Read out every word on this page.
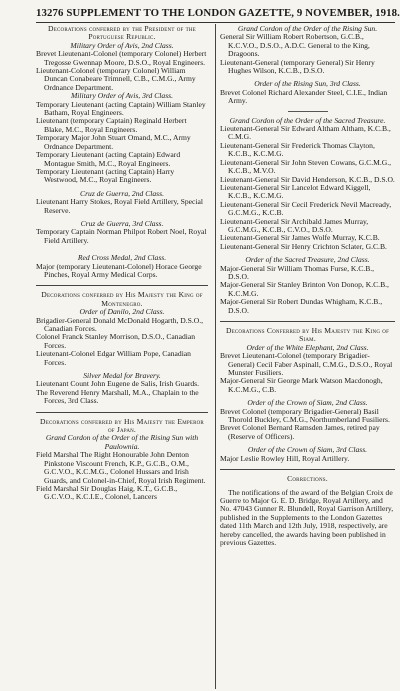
13276 SUPPLEMENT TO THE LONDON GAZETTE, 9 NOVEMBER, 1918.

Decorations conferred by the President of the Portuguese Republic.

Military Order of Avis, 2nd Class.

Brevet Lieutenant-Colonel (temporary Colonel) Herbert Tregosse Gwennap Moore, D.S.O., Royal Engineers.

Lieutenant-Colonel (temporary Colonel) William Duncan Conabeare Trimnell, C.B., C.M.G., Army Ordnance Department.

Military Order of Avis, 3rd Class.

Temporary Lieutenant (acting Captain) William Stanley Batham, Royal Engineers.

Lieutenant (temporary Captain) Reginald Herbert Blake, M.C., Royal Engineers.

Temporary Major John Stuart Omand, M.C., Army Ordnance Department.

Temporary Lieutenant (acting Captain) Edward Montague Smith, M.C., Royal Engineers.

Temporary Lieutenant (acting Captain) Harry Westwood, M.C., Royal Engineers.

Cruz de Guerra, 2nd Class.

Lieutenant Harry Stokes, Royal Field Artillery, Special Reserve.

Cruz de Guerra, 3rd Class.

Temporary Captain Norman Philpot Robert Noel, Royal Field Artillery.

Red Cross Medal, 2nd Class.

Major (temporary Lieutenant-Colonel) Horace George Pinches, Royal Army Medical Corps.

Decorations conferred by His Majesty the King of Montenegro.

Order of Danilo, 2nd Class.

Brigadier-General Donald McDonald Hogarth, D.S.O., Canadian Forces.

Colonel Franck Stanley Morrison, D.S.O., Canadian Forces.

Lieutenant-Colonel Edgar William Pope, Canadian Forces.

Silver Medal for Bravery.

Lieutenant Count John Eugene de Salis, Irish Guards.

The Reverend Henry Marshall, M.A., Chaplain to the Forces, 3rd Class.

Decorations conferred by His Majesty the Emperor of Japan.

Grand Cordon of the Order of the Rising Sun with Paulownia.

Field Marshal The Right Honourable John Denton Pinkstone Viscount French, K.P., G.C.B., O.M., G.C.V.O., K.C.M.G., Colonel Hussars and Irish Guards, and Colonel-in-Chief, Royal Irish Regiment.

Field Marshal Sir Douglas Haig, K.T., G.C.B., G.C.V.O., K.C.I.E., Colonel, Lancers

Grand Cordon of the Order of the Rising Sun.

General Sir William Robert Robertson, G.C.B., K.C.V.O., D.S.O., A.D.C. General to the King, Dragoons.

Lieutenant-General (temporary General) Sir Henry Hughes Wilson, K.C.B., D.S.O.

Order of the Rising Sun, 3rd Class.

Brevet Colonel Richard Alexander Steel, C.I.E., Indian Army.

Grand Cordon of the Order of the Sacred Treasure.

Lieutenant-General Sir Edward Altham Altham, K.C.B., C.M.G.

Lieutenant-General Sir Frederick Thomas Clayton, K.C.B., K.C.M.G.

Lieutenant-General Sir John Steven Cowans, G.C.M.G., K.C.B., M.V.O.

Lieutenant-General Sir David Henderson, K.C.B., D.S.O.

Lieutenant-General Sir Lancelot Edward Kiggell, K.C.B., K.C.M.G.

Lieutenant-General Sir Cecil Frederick Nevil Macready, G.C.M.G., K.C.B.

Lieutenant-General Sir Archibald James Murray, G.C.M.G., K.C.B., C.V.O., D.S.O.

Lieutenant-General Sir James Wolfe Murray, K.C.B.

Lieutenant-General Sir Henry Crichton Sclater, G.C.B.

Order of the Sacred Treasure, 2nd Class.

Major-General Sir William Thomas Furse, K.C.B., D.S.O.

Major-General Sir Stanley Brinton Von Donop, K.C.B., K.C.M.G.

Major-General Sir Robert Dundas Whigham, K.C.B., D.S.O.

Decorations Conferred by His Majesty the King of Siam.

Order of the White Elephant, 2nd Class.

Brevet Lieutenant-Colonel (temporary Brigadier-General) Cecil Faber Aspinall, C.M.G., D.S.O., Royal Munster Fusiliers.

Major-General Sir George Mark Watson Macdonogh, K.C.M.G., C.B.

Order of the Crown of Siam, 2nd Class.

Brevet Colonel (temporary Brigadier-General) Basil Thorold Buckley, C.M.G., Northumberland Fusiliers.

Brevet Colonel Bernard Ramsden James, retired pay (Reserve of Officers).

Order of the Crown of Siam, 3rd Class.

Major Leslie Rowley Hill, Royal Artillery.

Corrections.

The notifications of the award of the Belgian Croix de Guerre to Major G. E. D. Bridge, Royal Artillery, and No. 47043 Gunner R. Blundell, Royal Garrison Artillery, published in the Supplements to the London Gazettes dated 11th March and 12th July, 1918, respectively, are hereby cancelled, the awards having been published in previous Gazettes.
